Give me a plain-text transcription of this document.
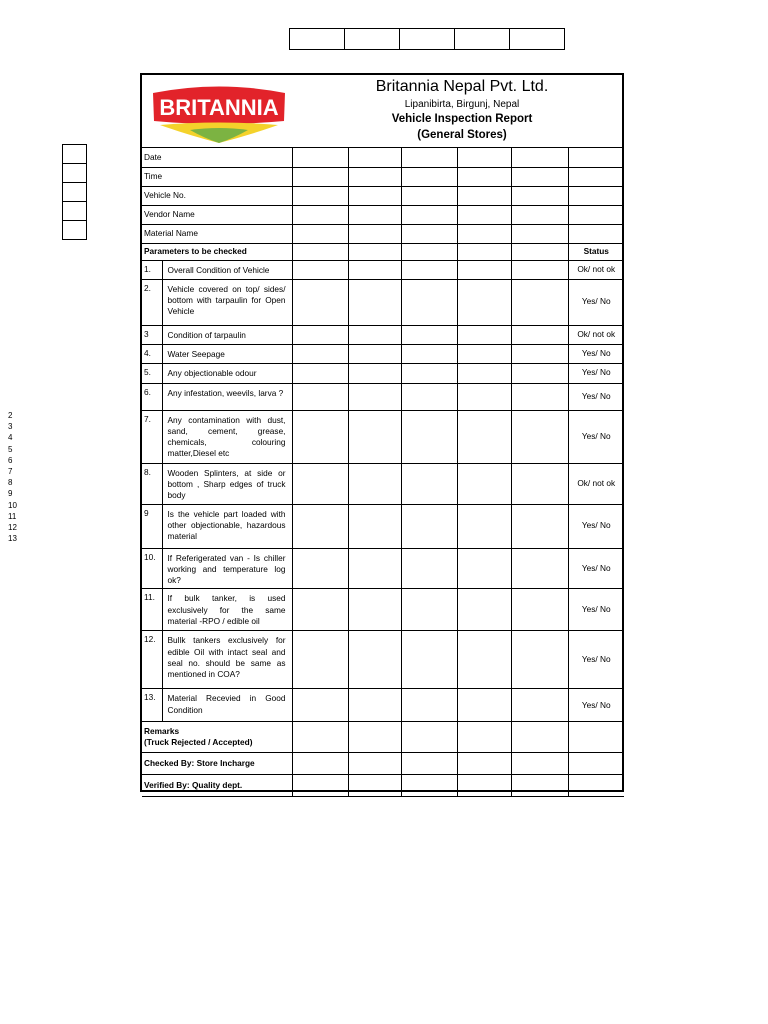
2
3
4
5
6
7
8
9
10
11
12
13
BRITANNIA
Britannia Nepal Pvt. Ltd.
Lipanibirta, Birgunj, Nepal
Vehicle Inspection Report
(General Stores)
Date							
Time							
Vehicle No.							
Vendor Name							
Material Name							
Parameters to be checked							Status
1.	Overall Condition of Vehicle						Ok/ not ok
2.	Vehicle covered on top/ sides/ bottom with tarpaulin for Open Vehicle						Yes/ No
3	Condition of tarpaulin						Ok/ not ok
4.	Water Seepage						Yes/ No
5.	Any objectionable odour						Yes/ No
6.	Any infestation, weevils, larva ?						Yes/ No
7.	Any contamination with dust, sand, cement, grease, chemicals, colouring matter,Diesel etc						Yes/ No
8.	Wooden Splinters, at side or bottom , Sharp edges of truck body						Ok/ not ok
9	Is the vehicle part loaded with other objectionable, hazardous material						Yes/ No
10.	If Referigerated van - Is chiller working and temperature log ok?						Yes/ No
11.	If bulk tanker, is used exclusively for the same material -RPO / edible oil						Yes/ No
12.	Bullk tankers exclusively for edible Oil with intact seal and seal no. should be same as mentioned in COA?						Yes/ No
13.	Material Recevied in Good Condition						Yes/ No

Remarks
(Truck Rejected / Accepted)							

Checked By: Store Incharge							
Verified By: Quality dept.							
